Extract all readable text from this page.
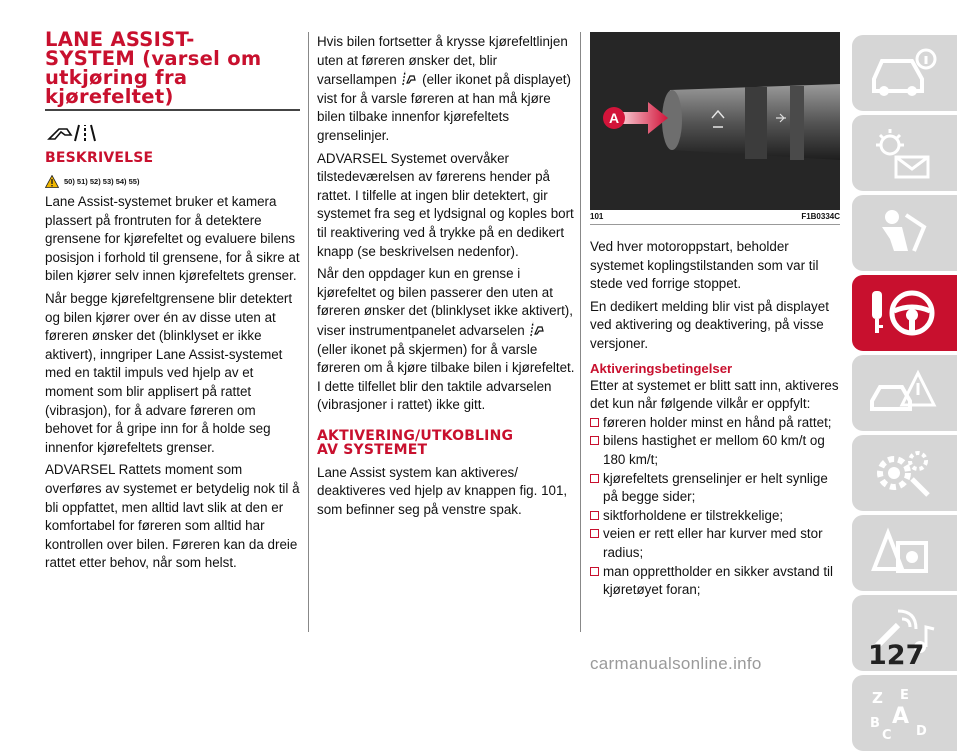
LANE ASSIST-
SYSTEM (varsel om
utkjøring fra
kjørefeltet)
BESKRIVELSE
50) 51) 52) 53) 54) 55)

Lane Assist-systemet bruker et kamera plassert på frontruten for å detektere grensene for kjørefeltet og evaluere bilens posisjon i forhold til grensene, for å sikre at bilen kjører selv innen kjørefeltets grenser.

Når begge kjørefeltgrensene blir detektert og bilen kjører over én av disse uten at føreren ønsker det (blinklyset er ikke aktivert), inngriper Lane Assist-systemet med en taktil impuls ved hjelp av et moment som blir applisert på rattet (vibrasjon), for å advare føreren om behovet for å gripe inn for å holde seg innenfor kjørefeltets grenser.

ADVARSEL Rattets moment som overføres av systemet er betydelig nok til å bli oppfattet, men alltid lavt slik at den er komfortabel for føreren som alltid har kontrollen over bilen. Føreren kan da dreie rattet etter behov, når som helst.

Hvis bilen fortsetter å krysse kjørefeltlinjen uten at føreren ønsker det, blir varsellampen (eller ikonet på displayet) vist for å varsle føreren at han må kjøre bilen tilbake innenfor kjørefeltets grenselinjer.

ADVARSEL Systemet overvåker tilstedeværelsen av førerens hender på rattet. I tilfelle at ingen blir detektert, gir systemet fra seg et lydsignal og koples bort til reaktivering ved å trykke på en dedikert knapp (se beskrivelsen nedenfor).

Når den oppdager kun en grense i kjørefeltet og bilen passerer den uten at føreren ønsker det (blinklyset ikke aktivert), viser instrumentpanelet advarselen  (eller ikonet på skjermen) for å varsle føreren om å kjøre tilbake bilen i kjørefeltet. I dette tilfellet blir den taktile advarselen (vibrasjoner i rattet) ikke gitt.

AKTIVERING/UTKOBLING
AV SYSTEMET

Lane Assist system kan aktiveres/ deaktiveres ved hjelp av knappen fig. 101, som befinner seg på venstre spak.

A
101	F1B0334C

Ved hver motoroppstart, beholder systemet koplingstilstanden som var til stede ved forrige stoppet.

En dedikert melding blir vist på displayet ved aktivering og deaktivering, på visse versjoner.

Aktiveringsbetingelser

Etter at systemet er blitt satt inn, aktiveres det kun når følgende vilkår er oppfylt:

føreren holder minst en hånd på rattet;
bilens hastighet er mellom 60 km/t og 180 km/t;
kjørefeltets grenselinjer er helt synlige på begge sider;
siktforholdene er tilstrekkelige;
veien er rett eller har kurver med stor radius;
man opprettholder en sikker avstand til kjøretøyet foran;
Z E
B A
C D
127
carmanualsonline.info
